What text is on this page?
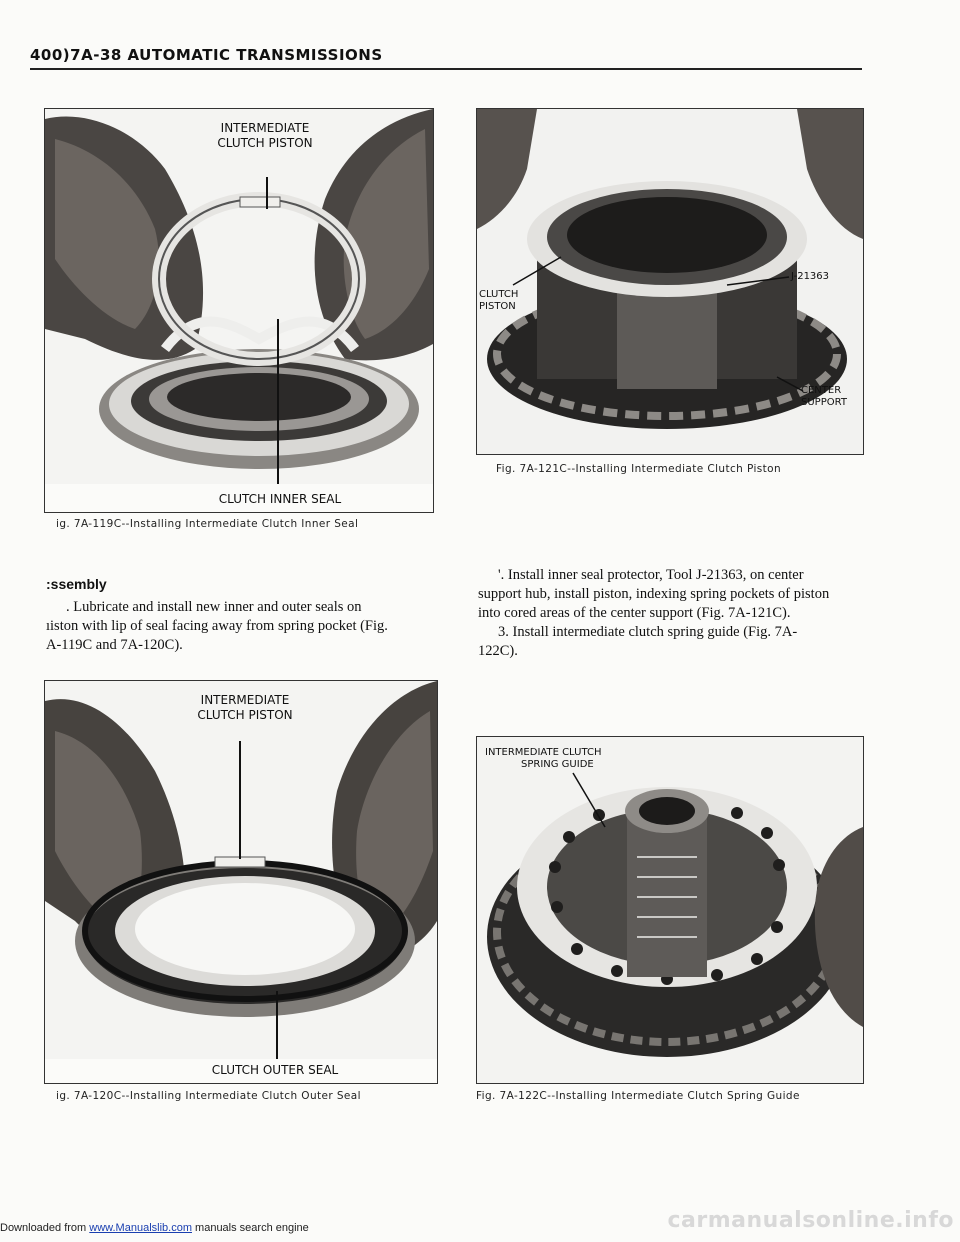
400)7A-38 AUTOMATIC TRANSMISSIONS
INTERMEDIATE
CLUTCH PISTON
CLUTCH INNER SEAL
ig. 7A-119C--Installing Intermediate Clutch Inner Seal
CLUTCH
PISTON
J-21363
CENTER
SUPPORT
Fig. 7A-121C--Installing Intermediate Clutch Piston
:ssembly

. Lubricate and install new inner and outer seals on

ıiston with lip of seal facing away from spring pocket (Fig.

A-119C and 7A-120C).

'. Install inner seal protector, Tool J-21363, on center

support hub, install piston, indexing spring pockets of piston

into cored areas of the center support (Fig. 7A-121C).

3. Install intermediate clutch spring guide (Fig. 7A-

122C).

INTERMEDIATE
CLUTCH PISTON
CLUTCH OUTER SEAL
ig. 7A-120C--Installing Intermediate Clutch Outer Seal
INTERMEDIATE CLUTCH
SPRING GUIDE
Fig. 7A-122C--Installing Intermediate Clutch Spring Guide
Downloaded from www.Manualslib.com manuals search engine	carmanualsonline.info
